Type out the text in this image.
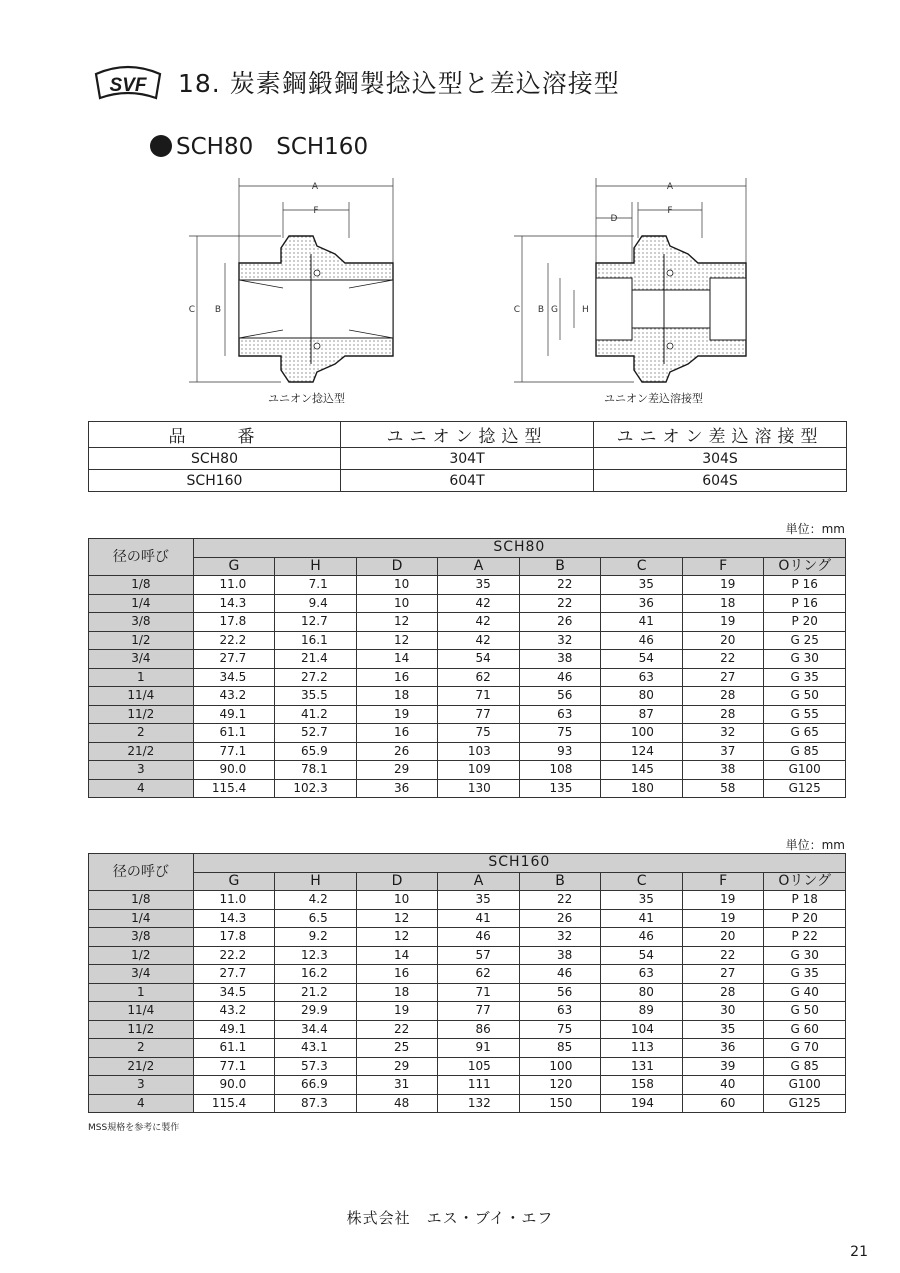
SVF 18. 炭素鋼鍛鋼製捻込型と差込溶接型
SCH80　SCH160
A
F
C B
ユニオン捻込型
A
D
F
C B G	H
ユニオン差込溶接型
品　　番	ユニオン捻込型	ユニオン差込溶接型
SCH80	304T	304S
SCH160	604T	604S
単位：mm
径の呼び	SCH80							
	G	H	D	A	B	C	F	Oリング
1/8	11.0	7.1	10	35	22	35	19	P 16
1/4	14.3	9.4	10	42	22	36	18	P 16
3/8	17.8	12.7	12	42	26	41	19	P 20
1/2	22.2	16.1	12	42	32	46	20	G 25
3/4	27.7	21.4	14	54	38	54	22	G 30
1	34.5	27.2	16	62	46	63	27	G 35
11/4	43.2	35.5	18	71	56	80	28	G 50
11/2	49.1	41.2	19	77	63	87	28	G 55
2	61.1	52.7	16	75	75	100	32	G 65
21/2	77.1	65.9	26	103	93	124	37	G 85
3	90.0	78.1	29	109	108	145	38	G100
4	115.4	102.3	36	130	135	180	58	G125
単位：mm
径の呼び	SCH160							
	G	H	D	A	B	C	F	Oリング
1/8	11.0	4.2	10	35	22	35	19	P 18
1/4	14.3	6.5	12	41	26	41	19	P 20
3/8	17.8	9.2	12	46	32	46	20	P 22
1/2	22.2	12.3	14	57	38	54	22	G 30
3/4	27.7	16.2	16	62	46	63	27	G 35
1	34.5	21.2	18	71	56	80	28	G 40
11/4	43.2	29.9	19	77	63	89	30	G 50
11/2	49.1	34.4	22	86	75	104	35	G 60
2	61.1	43.1	25	91	85	113	36	G 70
21/2	77.1	57.3	29	105	100	131	39	G 85
3	90.0	66.9	31	111	120	158	40	G100
4	115.4	87.3	48	132	150	194	60	G125
MSS規格を参考に製作
株式会社　エス・ブイ・エフ
21
